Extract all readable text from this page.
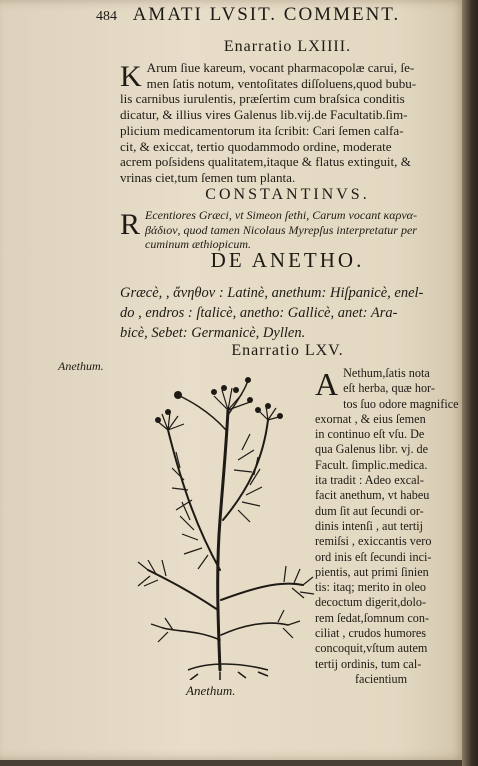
484 AMATI LVSIT. COMMENT.
Enarratio LXIIII.
K Arum ſiue kareum, vocant pharmacopolæ carui, ſe-
men ſatis notum, ventoſitates diſſoluens,quod bubu-
lis carnibus iurulentis, præſertim cum braſsica conditis
dicatur, & illius vires Galenus lib.vij.de Facultatib.ſim-
plicium medicamentorum ita ſcribit: Cari ſemen calfa-
cit, & exiccat, tertio quodammodo ordine, moderate
acrem poſsidens qualitatem,itaque & flatus extinguit, &
vrinas ciet,tum ſemen tum planta.
CONSTANTINVS.
R Ecentiores Græci, vt Simeon ſethi, Carum vocant καρνα-
βάδιον, quod tamen Nicolaus Myrepſus interpretatur per
cuminum æthiopicum.
DE ANETHO.
Græcè, , ἄνηθον : Latinè, anethum: Hiſpanicè, enel-
do , endros : ſtalicè, anetho: Gallicè, anet: Ara-
bicè, Sebet: Germanicè, Dyllen.
Enarratio LXV.
Anethum.	A Nethum,ſatis nota
eſt herba, quæ hor-
tos ſuo odore magnifice
exornat , & eius ſemen
in continuo eſt vſu. De
qua Galenus libr. vj. de
Facult. ſimplic.medica.
ita tradit : Adeo excal-
facit anethum, vt habeu
dum ſit aut ſecundi or-
dinis intenſi , aut tertij
remiſsi , exiccantis vero
ord inis eſt ſecundi inci-
pientis, aut primi ſinien
tis: itaq; merito in oleo
decoctum digerit,dolo-
rem ſedat,ſomnum con-
ciliat , crudos humores
concoquit,vſtum autem
tertij ordinis, tum cal-
facientium
Anethum.
